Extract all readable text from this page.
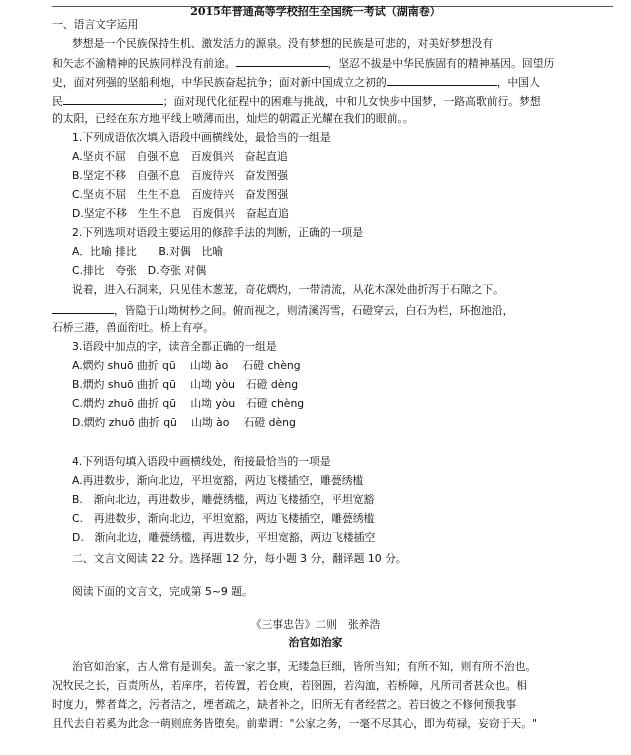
2015年普通高等学校招生全国统一考试（湖南卷）
一、语言文字运用
梦想是一个民族保持生机、激发活力的源泉。没有梦想的民族是可悲的，对美好梦想没有
和矢志不渝精神的民族同样没有前途。	，坚忍不拔是中华民族固有的精神基因。回望历
史，面对列强的坚船利炮，中华民族奋起抗争；面对新中国成立之初的	，中国人
民	；面对现代化征程中的困难与挑战，中和儿女快步中国梦，一路高歌前行。梦想
的太阳，已经在东方地平线上喷薄而出，灿烂的朝霞正光耀在我们的眼前。。
1.下列成语依次填入语段中画横线处，最恰当的一组是
A.坚贞不屈　自强不息　百废俱兴　奋起直追
B.坚定不移　自强不息　百废待兴　奋发图强
C.坚贞不屈　生生不息　百废待兴　奋发图强
D.坚定不移　生生不息　百废俱兴　奋起直追
2.下列选项对语段主要运用的修辞手法的判断，正确的一项是
A．比喻 排比　　B.对偶　比喻
C.排比　夸张　D.夸张 对偶
说着，进入石洞来，只见佳木葱茏，奇花熌灼，一带清流，从花木深处曲折泻于石隙之下。
，皆隐于山坳树杪之间。俯而视之，则清溪泻雪，石磴穿云，白石为栏，环抱池沿，
石桥三港，兽面衔吐。桥上有亭。
3.语段中加点的字，读音全都正确的一组是
A.熌灼 shuō 曲折 qū　 山坳 ào　 石磴 chèng
B.熌灼 shuō 曲折 qū　 山坳 yòu　石磴 dèng
C.熌灼 zhuō 曲折 qū　 山坳 yòu　石磴 chèng
D.熌灼 zhuō 曲折 qū　 山坳 ào　 石磴 dèng
4.下列语句填入语段中画横线处，衔接最恰当的一项是
A.再进数步，渐向北边，平坦宽豁，两边飞楼插空，雕甍绣槛
B.　渐向北边，再进数步，雕甍绣槛，两边飞楼插空，平坦宽豁
C.　再进数步，渐向北边，平坦宽豁，两边飞楼插空，雕甍绣槛
D.　渐向北边，雕甍绣槛，再进数步，平坦宽豁，两边飞楼插空
二、文言文阅读 22 分。选择题 12 分，每小题 3 分，翻译题 10 分。
阅读下面的文言文，完成第 5~9 题。
《三事忠告》二则　张养浩
治官如治家
治官如治家，古人常有是训矣。盖一家之事，无缕急巨细，皆所当知；有所不知，则有所不治也。
况牧民之长，百责所丛，若庠序，若传置，若仓庾，若囹圄，若沟洫，若桥障，凡所司者甚众也。相
时度力，弊者葺之，污者洁之，堙者疏之，缺者补之，旧所无有者经营之。若曰彼之不修何预我事
且代去自若奚为此念一萌则庶务皆堕矣。前辈谓："公家之务，一毫不尽其心，即为苟禄，妄窃于天。"
